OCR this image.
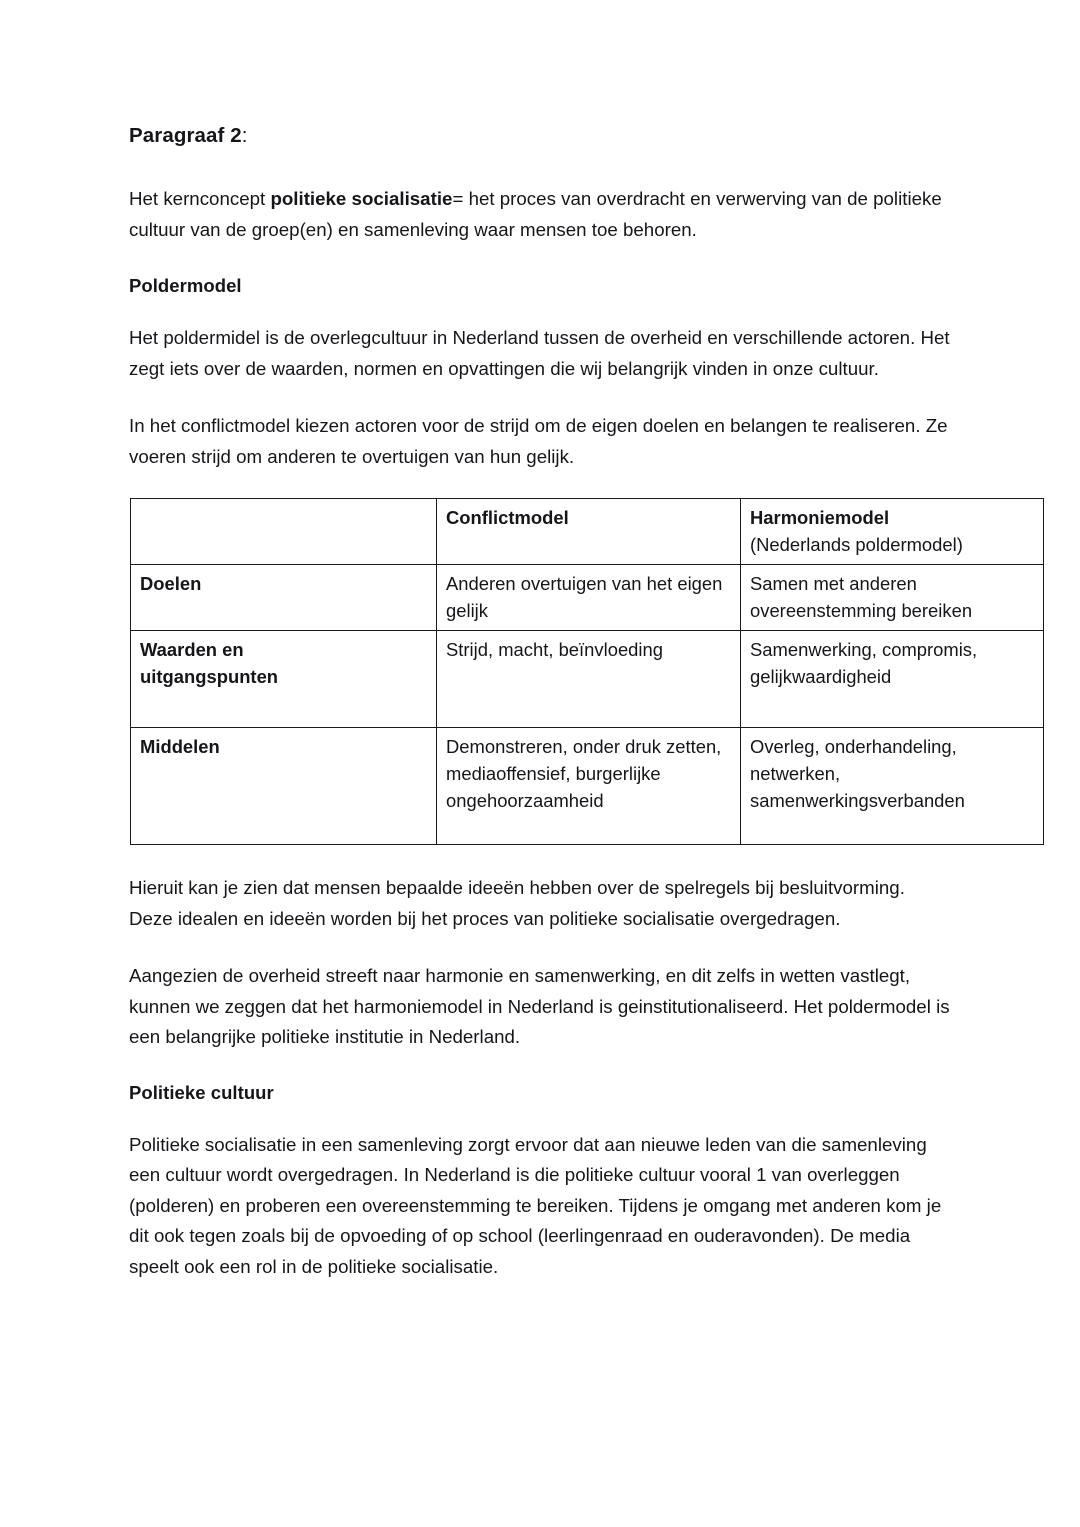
Paragraaf 2:

Het kernconcept politieke socialisatie= het proces van overdracht en verwerving van de politieke cultuur van de groep(en) en samenleving waar mensen toe behoren.

Poldermodel

Het poldermidel is de overlegcultuur in Nederland tussen de overheid en verschillende actoren. Het zegt iets over de waarden, normen en opvattingen die wij belangrijk vinden in onze cultuur.

In het conflictmodel kiezen actoren voor de strijd om de eigen doelen en belangen te realiseren. Ze voeren strijd om anderen te overtuigen van hun gelijk.

	Conflictmodel	Harmoniemodel
(Nederlands poldermodel)

Doelen	Anderen overtuigen van het eigen gelijk	Samen met anderen overeenstemming bereiken

Waarden en
uitgangspunten	Strijd, macht, beïnvloeding	Samenwerking, compromis, gelijkwaardigheid
Middelen	Demonstreren, onder druk zetten, mediaoffensief, burgerlijke ongehoorzaamheid	Overleg, onderhandeling, netwerken, samenwerkingsverbanden

Hieruit kan je zien dat mensen bepaalde ideeën hebben over de spelregels bij besluitvorming. Deze idealen en ideeën worden bij het proces van politieke socialisatie overgedragen.

Aangezien de overheid streeft naar harmonie en samenwerking, en dit zelfs in wetten vastlegt, kunnen we zeggen dat het harmoniemodel in Nederland is geinstitutionaliseerd. Het poldermodel is een belangrijke politieke institutie in Nederland.

Politieke cultuur

Politieke socialisatie in een samenleving zorgt ervoor dat aan nieuwe leden van die samenleving een cultuur wordt overgedragen. In Nederland is die politieke cultuur vooral 1 van overleggen (polderen) en proberen een overeenstemming te bereiken. Tijdens je omgang met anderen kom je dit ook tegen zoals bij de opvoeding of op school (leerlingenraad en ouderavonden). De media speelt ook een rol in de politieke socialisatie.
